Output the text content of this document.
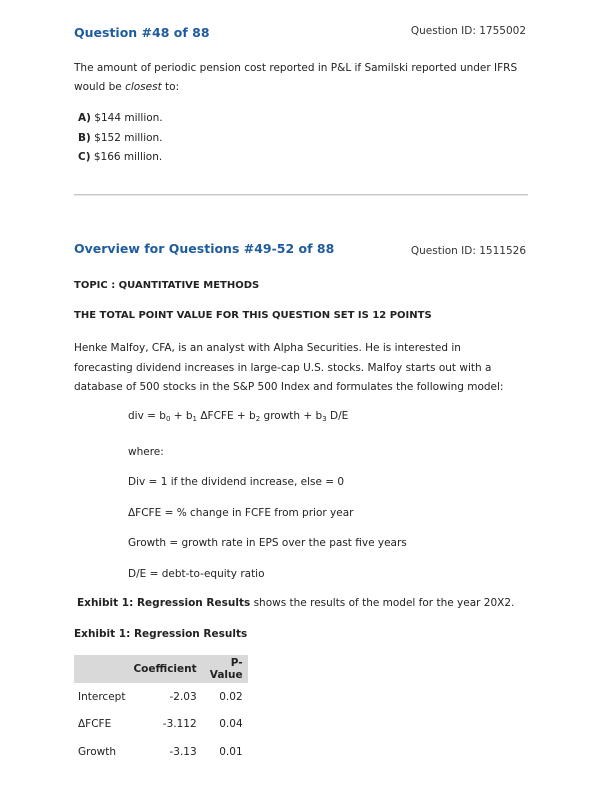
Question #48 of 88	Question ID: 1755002
The amount of periodic pension cost reported in P&L if Samilski reported under IFRS would be closest to:
A) $144 million.
B) $152 million.
C) $166 million.
Overview for Questions #49-52 of 88	Question ID: 1511526
TOPIC : QUANTITATIVE METHODS
THE TOTAL POINT VALUE FOR THIS QUESTION SET IS 12 POINTS
Henke Malfoy, CFA, is an analyst with Alpha Securities. He is interested in forecasting dividend increases in large-cap U.S. stocks. Malfoy starts out with a database of 500 stocks in the S&P 500 Index and formulates the following model:
div = $b_0 + b_1$ ΔFCFE + $b_2$ growth + $b_3$ D/E
where:
Div = 1 if the dividend increase, else = 0
ΔFCFE = % change in FCFE from prior year
Growth = growth rate in EPS over the past five years
D/E = debt-to-equity ratio
Exhibit 1: Regression Results shows the results of the model for the year 20X2.
Exhibit 1: Regression Results
	Coefficient	P-Value
Intercept	-2.03	0.02
ΔFCFE	-3.112	0.04
Growth	-3.13	0.01
